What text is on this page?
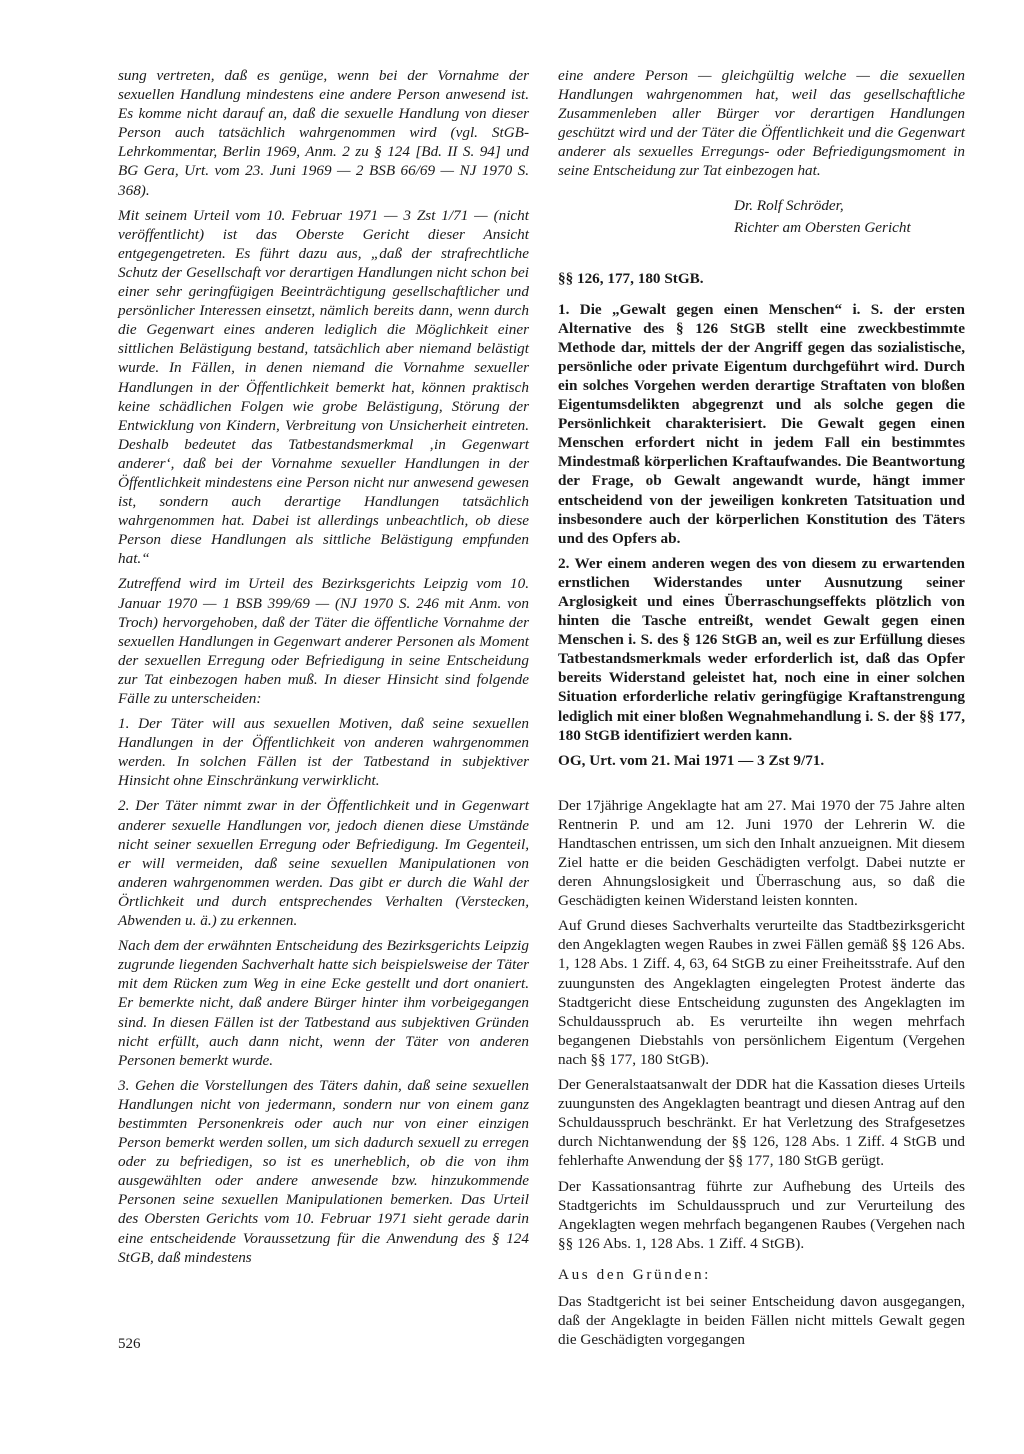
sung vertreten, daß es genüge, wenn bei der Vornahme der sexuellen Handlung mindestens eine andere Person anwesend ist. Es komme nicht darauf an, daß die sexuelle Handlung von dieser Person auch tatsächlich wahrgenommen wird (vgl. StGB-Lehrkommentar, Berlin 1969, Anm. 2 zu § 124 [Bd. II S. 94] und BG Gera, Urt. vom 23. Juni 1969 — 2 BSB 66/69 — NJ 1970 S. 368).

Mit seinem Urteil vom 10. Februar 1971 — 3 Zst 1/71 — (nicht veröffentlicht) ist das Oberste Gericht dieser Ansicht entgegengetreten. Es führt dazu aus, „daß der strafrechtliche Schutz der Gesellschaft vor derartigen Handlungen nicht schon bei einer sehr geringfügigen Beeinträchtigung gesellschaftlicher und persönlicher Interessen einsetzt, nämlich bereits dann, wenn durch die Gegenwart eines anderen lediglich die Möglichkeit einer sittlichen Belästigung bestand, tatsächlich aber niemand belästigt wurde. In Fällen, in denen niemand die Vornahme sexueller Handlungen in der Öffentlichkeit bemerkt hat, können praktisch keine schädlichen Folgen wie grobe Belästigung, Störung der Entwicklung von Kindern, Verbreitung von Unsicherheit eintreten. Deshalb bedeutet das Tatbestandsmerkmal ‚in Gegenwart anderer‘, daß bei der Vornahme sexueller Handlungen in der Öffentlichkeit mindestens eine Person nicht nur anwesend gewesen ist, sondern auch derartige Handlungen tatsächlich wahrgenommen hat. Dabei ist allerdings unbeachtlich, ob diese Person diese Handlungen als sittliche Belästigung empfunden hat.“

Zutreffend wird im Urteil des Bezirksgerichts Leipzig vom 10. Januar 1970 — 1 BSB 399/69 — (NJ 1970 S. 246 mit Anm. von Troch) hervorgehoben, daß der Täter die öffentliche Vornahme der sexuellen Handlungen in Gegenwart anderer Personen als Moment der sexuellen Erregung oder Befriedigung in seine Entscheidung zur Tat einbezogen haben muß. In dieser Hinsicht sind folgende Fälle zu unterscheiden:

1. Der Täter will aus sexuellen Motiven, daß seine sexuellen Handlungen in der Öffentlichkeit von anderen wahrgenommen werden. In solchen Fällen ist der Tatbestand in subjektiver Hinsicht ohne Einschränkung verwirklicht.

2. Der Täter nimmt zwar in der Öffentlichkeit und in Gegenwart anderer sexuelle Handlungen vor, jedoch dienen diese Umstände nicht seiner sexuellen Erregung oder Befriedigung. Im Gegenteil, er will vermeiden, daß seine sexuellen Manipulationen von anderen wahrgenommen werden. Das gibt er durch die Wahl der Örtlichkeit und durch entsprechendes Verhalten (Verstecken, Abwenden u. ä.) zu erkennen.

Nach dem der erwähnten Entscheidung des Bezirksgerichts Leipzig zugrunde liegenden Sachverhalt hatte sich beispielsweise der Täter mit dem Rücken zum Weg in eine Ecke gestellt und dort onaniert. Er bemerkte nicht, daß andere Bürger hinter ihm vorbeigegangen sind. In diesen Fällen ist der Tatbestand aus subjektiven Gründen nicht erfüllt, auch dann nicht, wenn der Täter von anderen Personen bemerkt wurde.

3. Gehen die Vorstellungen des Täters dahin, daß seine sexuellen Handlungen nicht von jedermann, sondern nur von einem ganz bestimmten Personenkreis oder auch nur von einer einzigen Person bemerkt werden sollen, um sich dadurch sexuell zu erregen oder zu befriedigen, so ist es unerheblich, ob die von ihm ausgewählten oder andere anwesende bzw. hinzukommende Personen seine sexuellen Manipulationen bemerken. Das Urteil des Obersten Gerichts vom 10. Februar 1971 sieht gerade darin eine entscheidende Voraussetzung für die Anwendung des § 124 StGB, daß mindestens

eine andere Person — gleichgültig welche — die sexuellen Handlungen wahrgenommen hat, weil das gesellschaftliche Zusammenleben aller Bürger vor derartigen Handlungen geschützt wird und der Täter die Öffentlichkeit und die Gegenwart anderer als sexuelles Erregungs- oder Befriedigungsmoment in seine Entscheidung zur Tat einbezogen hat.

Dr. Rolf Schröder,
Richter am Obersten Gericht

§§ 126, 177, 180 StGB.

1. Die „Gewalt gegen einen Menschen“ i. S. der ersten Alternative des § 126 StGB stellt eine zweckbestimmte Methode dar, mittels der der Angriff gegen das sozialistische, persönliche oder private Eigentum durchgeführt wird. Durch ein solches Vorgehen werden derartige Straftaten von bloßen Eigentumsdelikten abgegrenzt und als solche gegen die Persönlichkeit charakterisiert. Die Gewalt gegen einen Menschen erfordert nicht in jedem Fall ein bestimmtes Mindestmaß körperlichen Kraftaufwandes. Die Beantwortung der Frage, ob Gewalt angewandt wurde, hängt immer entscheidend von der jeweiligen konkreten Tatsituation und insbesondere auch der körperlichen Konstitution des Täters und des Opfers ab.

2. Wer einem anderen wegen des von diesem zu erwartenden ernstlichen Widerstandes unter Ausnutzung seiner Arglosigkeit und eines Überraschungseffekts plötzlich von hinten die Tasche entreißt, wendet Gewalt gegen einen Menschen i. S. des § 126 StGB an, weil es zur Erfüllung dieses Tatbestandsmerkmals weder erforderlich ist, daß das Opfer bereits Widerstand geleistet hat, noch eine in einer solchen Situation erforderliche relativ geringfügige Kraftanstrengung lediglich mit einer bloßen Wegnahmehandlung i. S. der §§ 177, 180 StGB identifiziert werden kann.

OG, Urt. vom 21. Mai 1971 — 3 Zst 9/71.

Der 17jährige Angeklagte hat am 27. Mai 1970 der 75 Jahre alten Rentnerin P. und am 12. Juni 1970 der Lehrerin W. die Handtaschen entrissen, um sich den Inhalt anzueignen. Mit diesem Ziel hatte er die beiden Geschädigten verfolgt. Dabei nutzte er deren Ahnungslosigkeit und Überraschung aus, so daß die Geschädigten keinen Widerstand leisten konnten.

Auf Grund dieses Sachverhalts verurteilte das Stadtbezirksgericht den Angeklagten wegen Raubes in zwei Fällen gemäß §§ 126 Abs. 1, 128 Abs. 1 Ziff. 4, 63, 64 StGB zu einer Freiheitsstrafe. Auf den zuungunsten des Angeklagten eingelegten Protest änderte das Stadtgericht diese Entscheidung zugunsten des Angeklagten im Schuldausspruch ab. Es verurteilte ihn wegen mehrfach begangenen Diebstahls von persönlichem Eigentum (Vergehen nach §§ 177, 180 StGB).

Der Generalstaatsanwalt der DDR hat die Kassation dieses Urteils zuungunsten des Angeklagten beantragt und diesen Antrag auf den Schuldausspruch beschränkt. Er hat Verletzung des Strafgesetzes durch Nichtanwendung der §§ 126, 128 Abs. 1 Ziff. 4 StGB und fehlerhafte Anwendung der §§ 177, 180 StGB gerügt.

Der Kassationsantrag führte zur Aufhebung des Urteils des Stadtgerichts im Schuldausspruch und zur Verurteilung des Angeklagten wegen mehrfach begangenen Raubes (Vergehen nach §§ 126 Abs. 1, 128 Abs. 1 Ziff. 4 StGB).

Aus den Gründen:

Das Stadtgericht ist bei seiner Entscheidung davon ausgegangen, daß der Angeklagte in beiden Fällen nicht mittels Gewalt gegen die Geschädigten vorgegangen

526
